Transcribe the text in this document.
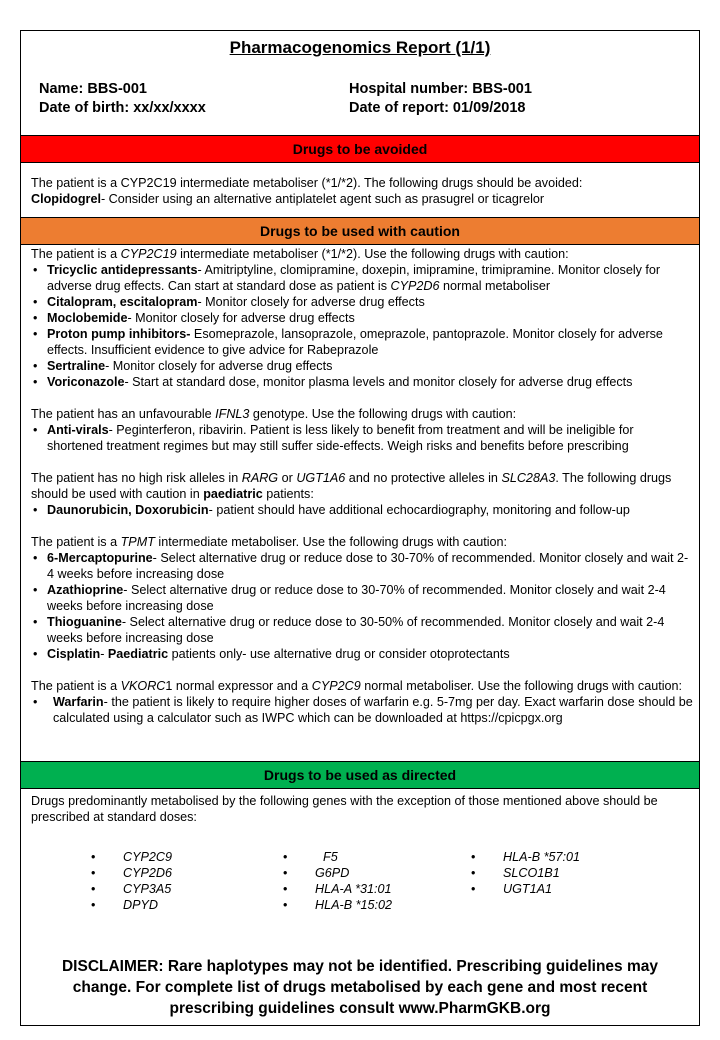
Pharmacogenomics Report (1/1)
Name: BBS-001	Hospital number: BBS-001
Date of birth: xx/xx/xxxx	Date of report: 01/09/2018
Drugs to be avoided

The patient is a CYP2C19 intermediate metaboliser (*1/*2). The following drugs should be avoided:

Clopidogrel- Consider using an alternative antiplatelet agent such as prasugrel or ticagrelor

Drugs to be used with caution

The patient is a CYP2C19 intermediate metaboliser (*1/*2). Use the following drugs with caution:

• Tricyclic antidepressants- Amitriptyline, clomipramine, doxepin, imipramine, trimipramine. Monitor closely for adverse drug effects. Can start at standard dose as patient is CYP2D6 normal metaboliser
• Citalopram, escitalopram- Monitor closely for adverse drug effects
• Moclobemide- Monitor closely for adverse drug effects
• Proton pump inhibitors- Esomeprazole, lansoprazole, omeprazole, pantoprazole. Monitor closely for adverse effects. Insufficient evidence to give advice for Rabeprazole
• Sertraline- Monitor closely for adverse drug effects
• Voriconazole- Start at standard dose, monitor plasma levels and monitor closely for adverse drug effects

The patient has an unfavourable IFNL3 genotype. Use the following drugs with caution:

• Anti-virals- Peginterferon, ribavirin. Patient is less likely to benefit from treatment and will be ineligible for shortened treatment regimes but may still suffer side-effects. Weigh risks and benefits before prescribing

The patient has no high risk alleles in RARG or UGT1A6 and no protective alleles in SLC28A3. The following drugs should be used with caution in paediatric patients:

• Daunorubicin, Doxorubicin- patient should have additional echocardiography, monitoring and follow-up

The patient is a TPMT intermediate metaboliser. Use the following drugs with caution:

• 6-Mercaptopurine- Select alternative drug or reduce dose to 30-70% of recommended. Monitor closely and wait 2-4 weeks before increasing dose
• Azathioprine- Select alternative drug or reduce dose to 30-70% of recommended. Monitor closely and wait 2-4 weeks before increasing dose
• Thioguanine- Select alternative drug or reduce dose to 30-50% of recommended. Monitor closely and wait 2-4 weeks before increasing dose
• Cisplatin- Paediatric patients only- use alternative drug or consider otoprotectants

The patient is a VKORC1 normal expressor and a CYP2C9 normal metaboliser. Use the following drugs with caution:

• Warfarin- the patient is likely to require higher doses of warfarin e.g. 5-7mg per day. Exact warfarin dose should be calculated using a calculator such as IWPC which can be downloaded at https://cpicpgx.org
Drugs to be used as directed
Drugs predominantly metabolised by the following genes with the exception of those mentioned above should be prescribed at standard doses:
• CYP2C9
• CYP2D6
• CYP3A5
• DPYD
• F5
• G6PD
• HLA-A *31:01
• HLA-B *15:02
• HLA-B *57:01
• SLCO1B1
• UGT1A1
DISCLAIMER: Rare haplotypes may not be identified. Prescribing guidelines may change. For complete list of drugs metabolised by each gene and most recent prescribing guidelines consult www.PharmGKB.org
